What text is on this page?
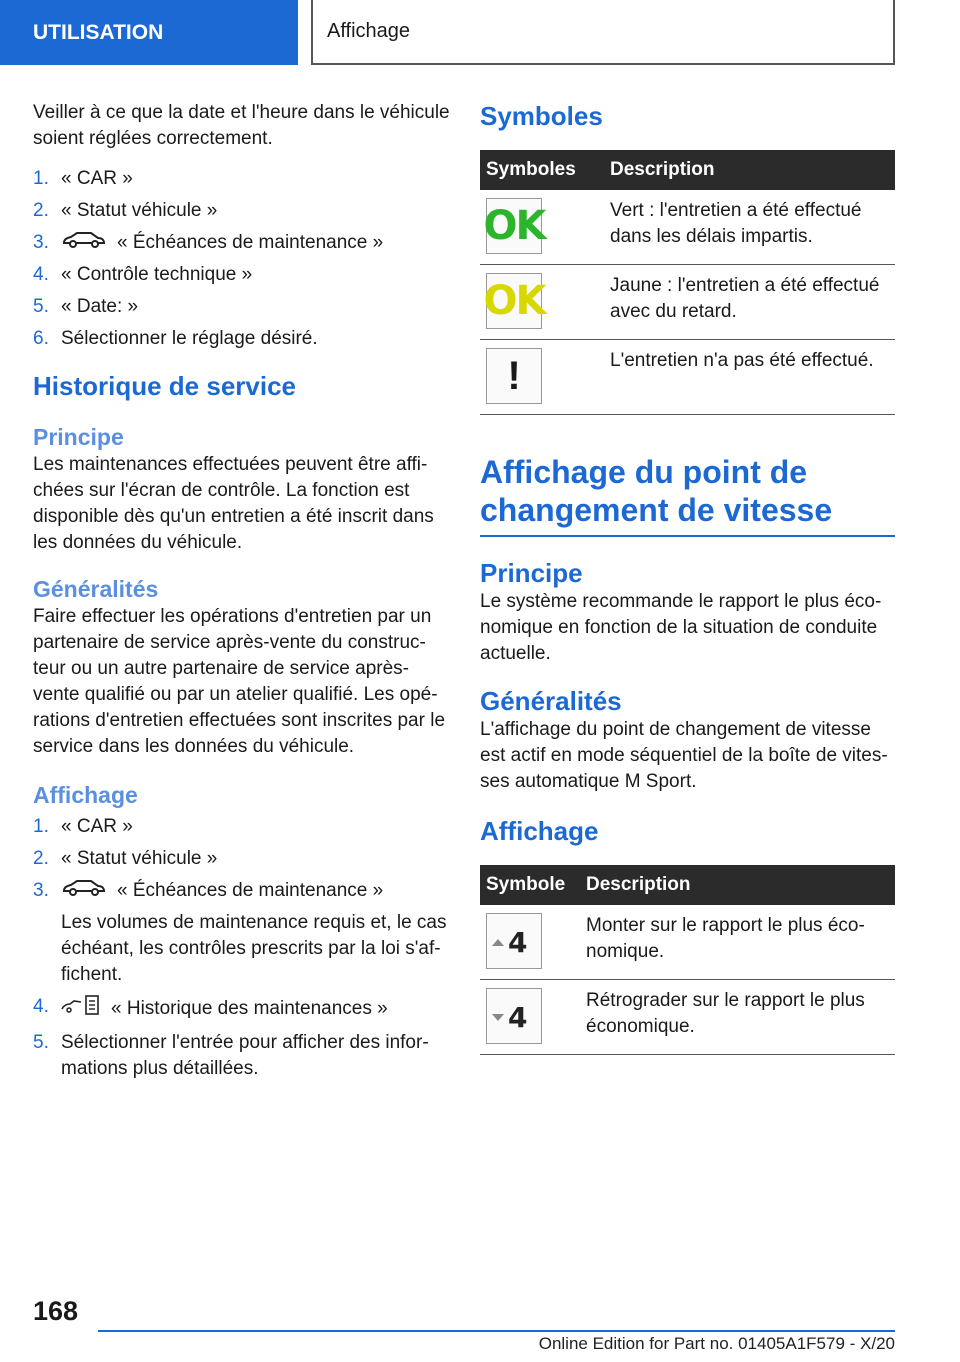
UTILISATION	Affichage

Veiller à ce que la date et l'heure dans le véhicule soient réglées correctement.

1. « CAR »
2. « Statut véhicule »
3.	« Échéances de maintenance »
4. « Contrôle technique »
5. « Date: »
6. Sélectionner le réglage désiré.
Historique de service
Principe

Les maintenances effectuées peuvent être affi- chées sur l'écran de contrôle. La fonction est disponible dès qu'un entretien a été inscrit dans les données du véhicule.

Généralités

Faire effectuer les opérations d'entretien par un partenaire de service après-vente du construc- teur ou un autre partenaire de service après- vente qualifié ou par un atelier qualifié. Les opé- rations d'entretien effectuées sont inscrites par le service dans les données du véhicule.

Affichage
1. « CAR »
2. « Statut véhicule »
3.	« Échéances de maintenance »
Les volumes de maintenance requis et, le cas échéant, les contrôles prescrits par la loi s'af- fichent.
4.	« Historique des maintenances »
5. Sélectionner l'entrée pour afficher des infor- mations plus détaillées.
Symboles
Symboles	Description

OK	Vert : l'entretien a été effectué dans les délais impartis.

OK	Jaune : l'entretien a été effectué avec du retard.

!	L'entretien n'a pas été effectué.
Affichage du point de changement de vitesse
Principe

Le système recommande le rapport le plus éco- nomique en fonction de la situation de conduite actuelle.

Généralités

L'affichage du point de changement de vitesse est actif en mode séquentiel de la boîte de vites- ses automatique M Sport.

Affichage
Symbole	Description

4	Monter sur le rapport le plus éco- nomique.

4	Rétrograder sur le rapport le plus économique.
168
Online Edition for Part no. 01405A1F579 - X/20
